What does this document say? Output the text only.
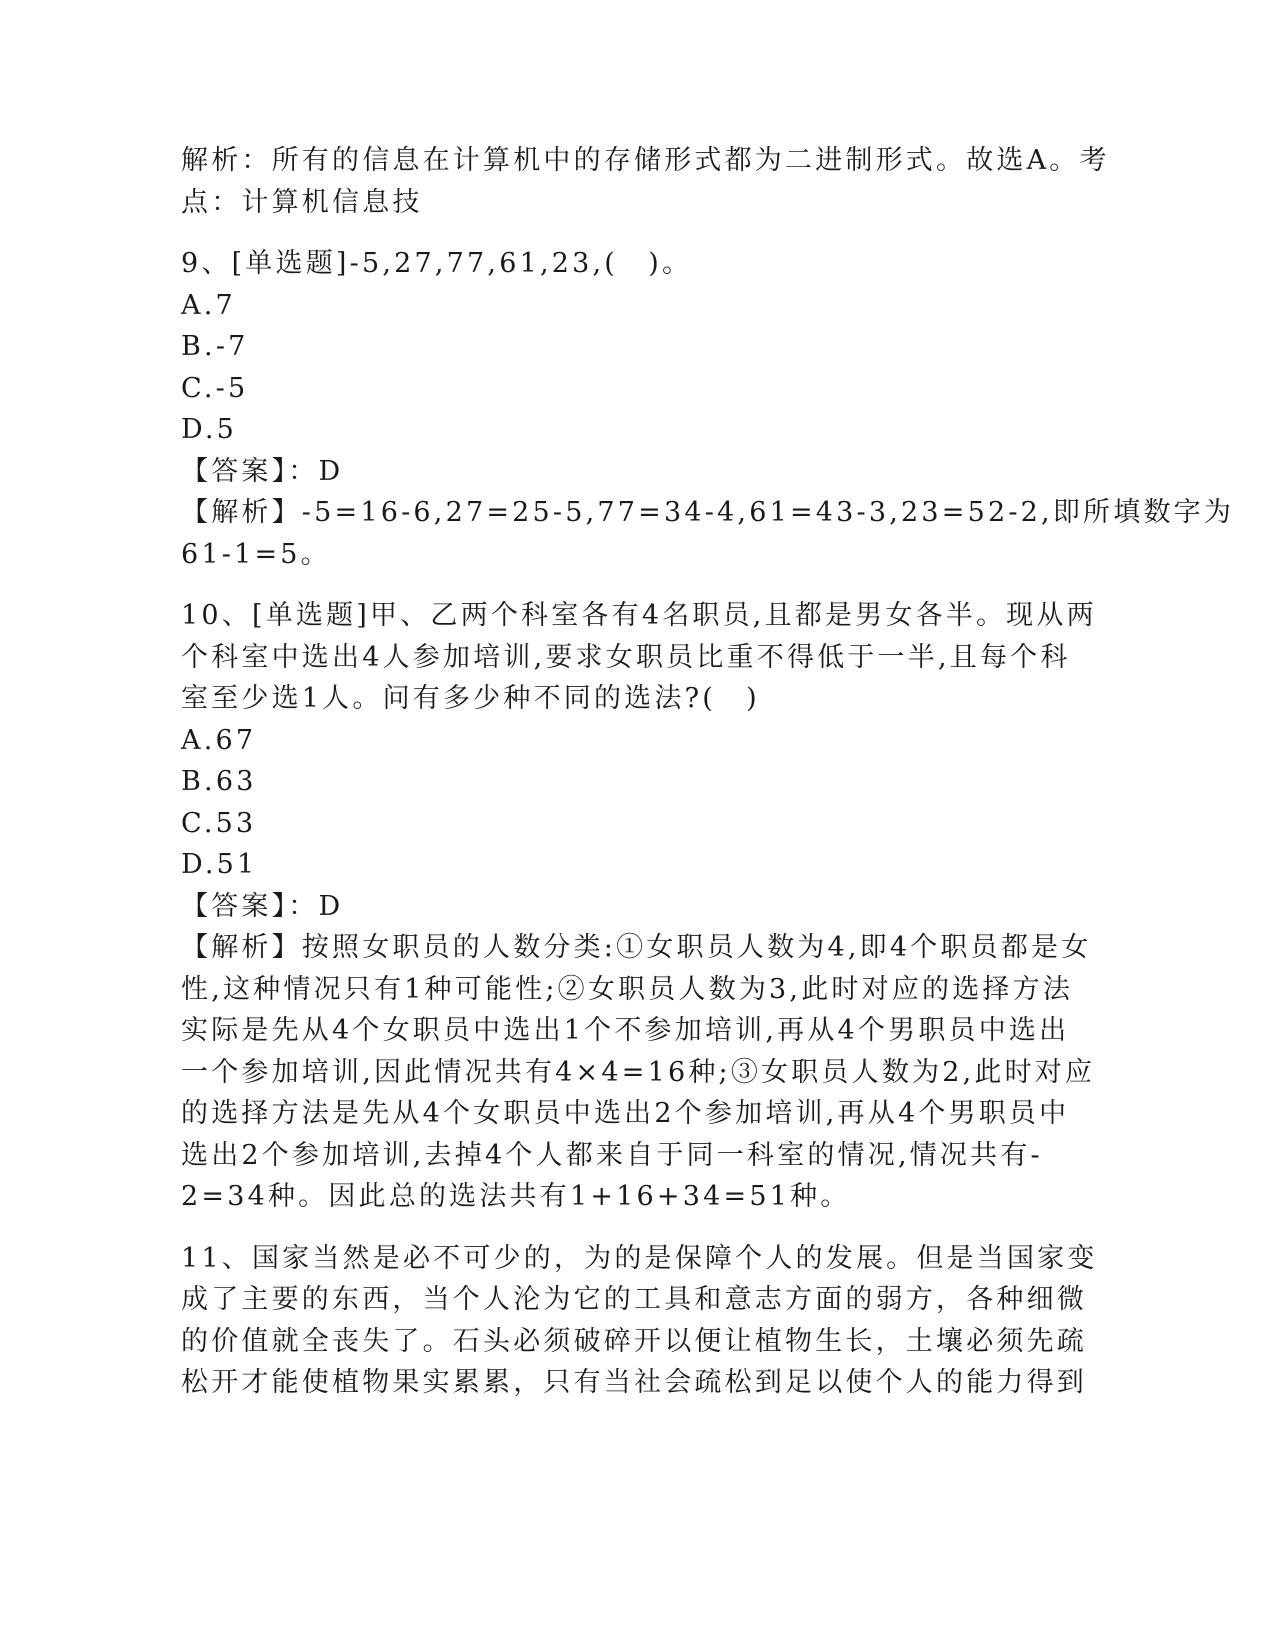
解析：所有的信息在计算机中的存储形式都为二进制形式。故选A。考
点：计算机信息技
9、[单选题]-5,27,77,61,23,(　)。
A.7
B.-7
C.-5
D.5
【答案】：D
【解析】-5=16-6,27=25-5,77=34-4,61=43-3,23=52-2,即所填数字为
61-1=5。
10、[单选题]甲、乙两个科室各有4名职员,且都是男女各半。现从两
个科室中选出4人参加培训,要求女职员比重不得低于一半,且每个科
室至少选1人。问有多少种不同的选法?(　)
A.67
B.63
C.53
D.51
【答案】：D
【解析】按照女职员的人数分类:①女职员人数为4,即4个职员都是女
性,这种情况只有1种可能性;②女职员人数为3,此时对应的选择方法
实际是先从4个女职员中选出1个不参加培训,再从4个男职员中选出
一个参加培训,因此情况共有4×4=16种;③女职员人数为2,此时对应
的选择方法是先从4个女职员中选出2个参加培训,再从4个男职员中
选出2个参加培训,去掉4个人都来自于同一科室的情况,情况共有-
2=34种。因此总的选法共有1+16+34=51种。
11、国家当然是必不可少的，为的是保障个人的发展。但是当国家变
成了主要的东西，当个人沦为它的工具和意志方面的弱方，各种细微
的价值就全丧失了。石头必须破碎开以便让植物生长，土壤必须先疏
松开才能使植物果实累累，只有当社会疏松到足以使个人的能力得到
